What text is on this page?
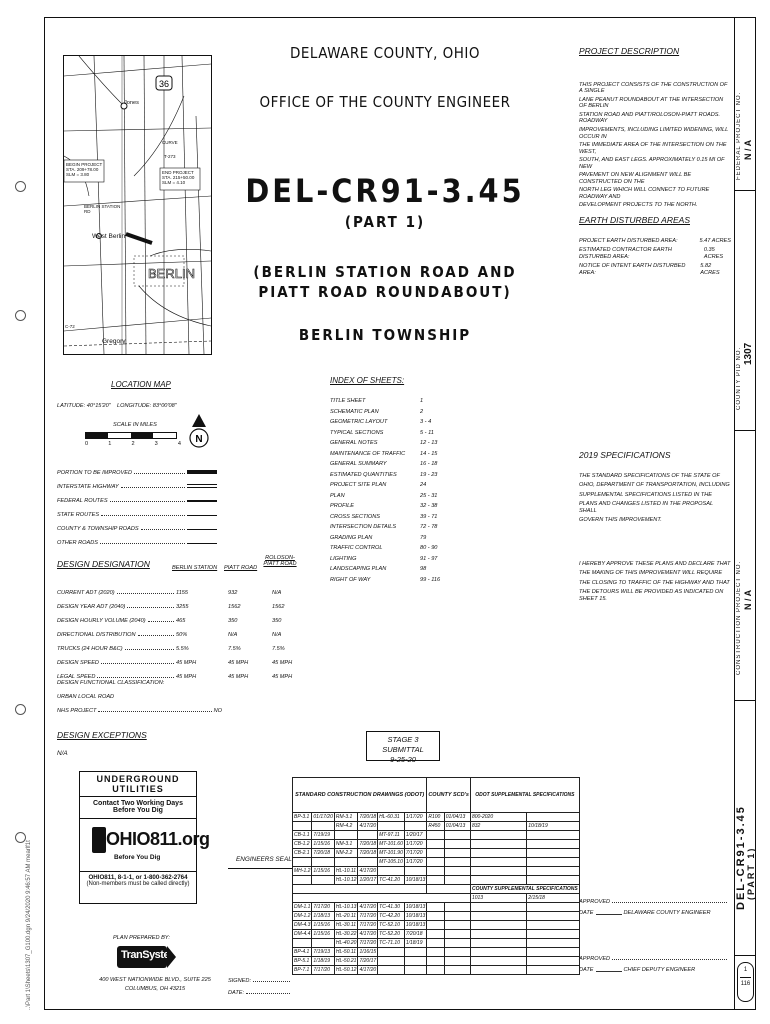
..\Part 1\Sheets\1307_G100.dgn 9/24/2020 9:46:57 AM mearlf1t
FEDERAL PROJECT NO. N / A
COUNTY PID NO. 1307
CONSTRUCTION PROJECT NO. N / A
DEL-CR91-3.45 (PART 1)
1
116
36
Jones
BEGIN PROJECT
STA. 209+78.00
SLM = 3.80	END PROJECT
STA. 215+50.00
SLM = 4.10
T-273
CURVE
BERLIN STATION RD
West Berlin
BERLIN
Gregory
C-72
LOCATION MAP
LATITUDE: 40°15'20" LONGITUDE: 83°00'08"
SCALE IN MILES
0	1	2	3	4 N
PORTION TO BE IMPROVED
INTERSTATE HIGHWAY
FEDERAL ROUTES
STATE ROUTES
COUNTY & TOWNSHIP ROADS
OTHER ROADS
DESIGN DESIGNATION	BERLIN STATION PIATT ROAD
ROLOSON-PIATT ROAD
CURRENT ADT (2020)	1155	932	N/A
DESIGN YEAR ADT (2040)	3255	1562	1562
DESIGN HOURLY VOLUME (2040)	465	350	350
DIRECTIONAL DISTRIBUTION	50%	N/A	N/A
TRUCKS (24 HOUR B&C)	5.5%	7.5%	7.5%
DESIGN SPEED	45 MPH	45 MPH	45 MPH
LEGAL SPEED	45 MPH	45 MPH	45 MPH
DESIGN FUNCTIONAL CLASSIFICATION:
URBAN LOCAL ROAD
NHS PROJECT	NO
DESIGN EXCEPTIONS
N/A
DELAWARE COUNTY, OHIO
OFFICE OF THE COUNTY ENGINEER
DEL-CR91-3.45
(PART 1)
(BERLIN STATION ROAD AND
PIATT ROAD ROUNDABOUT)
BERLIN TOWNSHIP
INDEX OF SHEETS:
TITLE SHEET	1
SCHEMATIC PLAN	2
GEOMETRIC LAYOUT	3 - 4
TYPICAL SECTIONS	5 - 11
GENERAL NOTES	12 - 13
MAINTENANCE OF TRAFFIC	14 - 15
GENERAL SUMMARY	16 - 18
ESTIMATED QUANTITIES	19 - 23
PROJECT SITE PLAN	24
PLAN	25 - 31
PROFILE	32 - 38
CROSS SECTIONS	39 - 71
INTERSECTION DETAILS	72 - 78
GRADING PLAN	79
TRAFFIC CONTROL	80 - 90
LIGHTING	91 - 97
LANDSCAPING PLAN	98
RIGHT OF WAY	99 - 116
STAGE 3 SUBMITTAL
9-25-20
PROJECT DESCRIPTION
THIS PROJECT CONSISTS OF THE CONSTRUCTION OF A SINGLE
LANE PEANUT ROUNDABOUT AT THE INTERSECTION OF BERLIN
STATION ROAD AND PIATT/ROLOSON-PIATT ROADS. ROADWAY
IMPROVEMENTS, INCLUDING LIMITED WIDENING, WILL OCCUR IN
THE IMMEDIATE AREA OF THE INTERSECTION ON THE WEST,
SOUTH, AND EAST LEGS. APPROXIMATELY 0.15 MI OF NEW
PAVEMENT ON NEW ALIGNMENT WILL BE CONSTRUCTED ON THE
NORTH LEG WHICH WILL CONNECT TO FUTURE ROADWAY AND
DEVELOPMENT PROJECTS TO THE NORTH.
EARTH DISTURBED AREAS
PROJECT EARTH DISTURBED AREA:	5.47 ACRES
ESTIMATED CONTRACTOR EARTH DISTURBED AREA:
0.35 ACRES
NOTICE OF INTENT EARTH DISTURBED AREA:
5.82 ACRES
2019 SPECIFICATIONS
THE STANDARD SPECIFICATIONS OF THE STATE OF
OHIO, DEPARTMENT OF TRANSPORTATION, INCLUDING
SUPPLEMENTAL SPECIFICATIONS LISTED IN THE
PLANS AND CHANGES LISTED IN THE PROPOSAL SHALL
GOVERN THIS IMPROVEMENT.
I HEREBY APPROVE THESE PLANS AND DECLARE THAT
THE MAKING OF THIS IMPROVEMENT WILL REQUIRE
THE CLOSING TO TRAFFIC OF THE HIGHWAY AND THAT
THE DETOURS WILL BE PROVIDED AS INDICATED ON SHEET 15.
APPROVED
DATE	DELAWARE COUNTY ENGINEER
APPROVED
DATE	CHIEF DEPUTY ENGINEER
UNDERGROUND UTILITIES
Contact Two Working Days
Before You Dig
OHIO811.org
Before You Dig
OHIO811, 8-1-1, or 1-800-362-2764
(Non-members must be called directly)
PLAN PREPARED BY:
TranSystems
400 WEST NATIONWIDE BLVD., SUITE 225
COLUMBUS, OH 43215
ENGINEERS SEAL:
SIGNED:
DATE:
STANDARD CONSTRUCTION DRAWINGS (ODOT)						COUNTY SCD's		ODOT SUPPLEMENTAL SPECIFICATIONS	
BP-3.1	01/17/20	RM-3.1	7/20/18	HL-60.31	1/17/20	R100	01/04/13	800-2020	
		RM-4.2	4/17/20			R450	01/04/13	832	10/18/19
CB-1.1	7/19/19			MT-97.11	1/20/17				
CB-1.2	1/15/16	NM-3.1	7/20/18	MT-101.60	1/17/20				
CB-2.1	7/20/18	NM-2.2	7/20/18	MT-101.90	7/17/20				
				MT-105.10	1/17/20				
MH-1.2	1/15/16	HL-10.11	4/17/20						
		HL-10.12	1/20/17	TC-41.20	10/18/13				
								COUNTY SUPPLEMENTAL SPECIFICATIONS	
								1013	2/15/18
DM-1.1	7/17/20	HL-10.13	4/17/20	TC-41.30	10/18/13				
DM-1.2	1/18/13	HL-20.11	7/17/20	TC-42.20	10/18/13				
DM-4.3	1/15/16	HL-30.11	7/17/20	TC-52.10	10/18/13				
DM-4.4	1/15/16	HL-30.22	4/17/20	TC-52.20	7/20/18				
		HL-40.20	7/17/20	TC-71.10	1/18/19				
BP-4.1	7/19/13	HL-50.11	1/16/15						
BP-5.1	1/18/19	HL-50.21	7/20/17						
BP-7.1	7/17/20	HL-50.12	4/17/20						
